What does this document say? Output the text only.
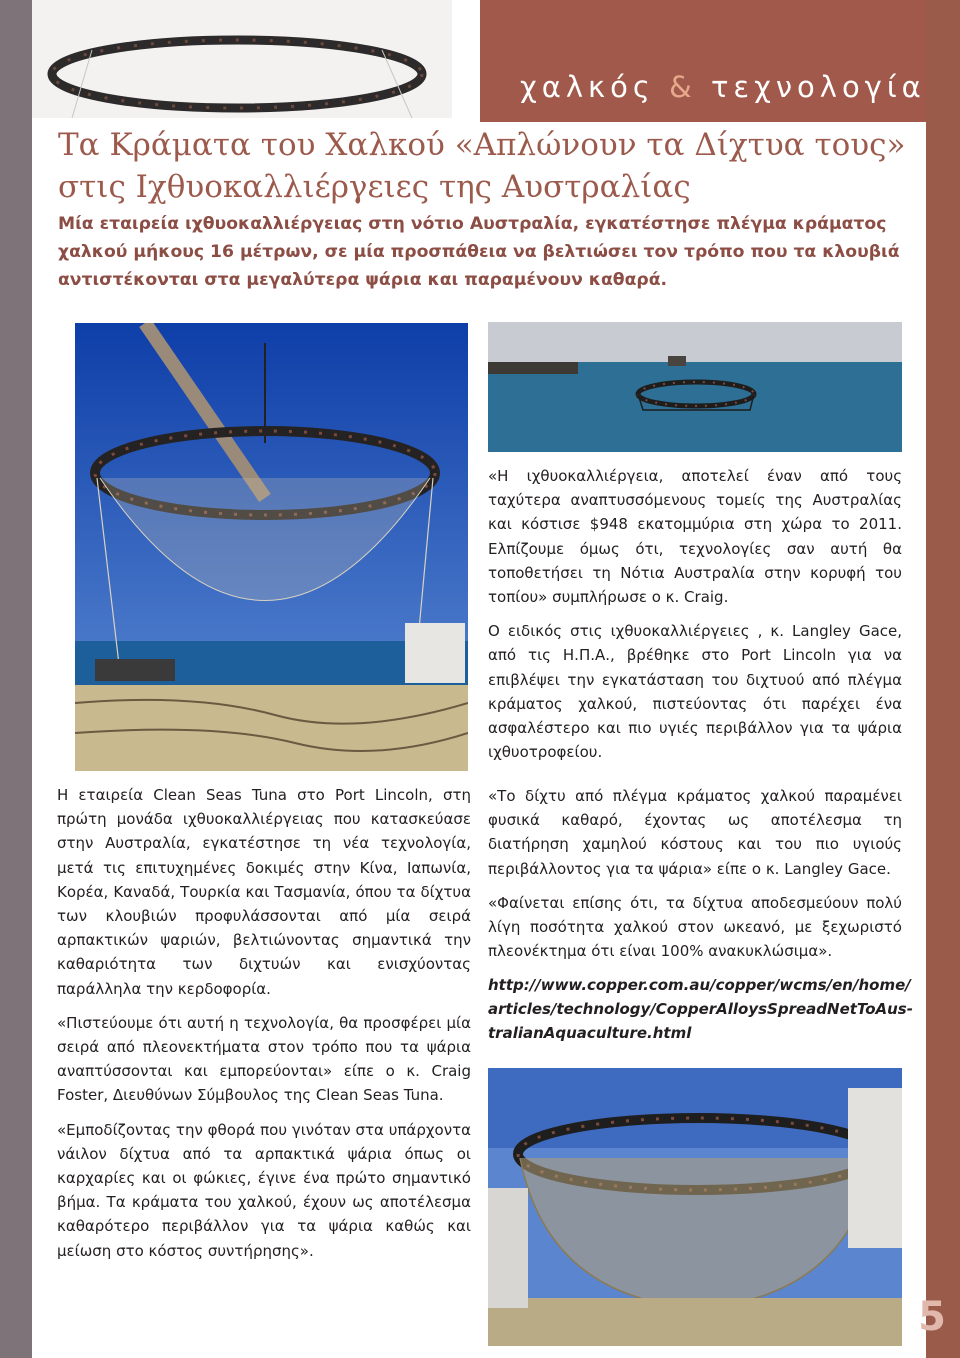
χαλκός & τεχνολογία
Τα Κράματα του Χαλκού «Απλώνουν τα Δίχτυα τους»
στις Ιχθυοκαλλιέργειες της Αυστραλίας
Μία εταιρεία ιχθυοκαλλιέργειας στη νότιο Αυστραλία, εγκατέστησε πλέγμα κράματος χαλκού μήκους 16 μέτρων, σε μία προσπάθεια να βελτιώσει τον τρόπο που τα κλουβιά αντιστέκονται στα μεγαλύτερα ψάρια και παραμένουν καθαρά.

Η εταιρεία Clean Seas Tuna στο Port Lincoln, στη πρώτη μονάδα ιχθυοκαλλιέργειας που κατασκεύασε στην Αυστραλία, εγκατέστησε τη νέα τεχνολογία, μετά τις επιτυχημένες δοκιμές στην Κίνα, Ιαπωνία, Κορέα, Καναδά, Τουρκία και Τασμανία, όπου τα δίχτυα των κλουβιών προφυλάσσονται από μία σειρά αρπακτικών ψαριών, βελτιώνοντας σημαντικά την καθαριότητα των διχτυών και ενισχύοντας παράλληλα την κερδοφορία.

«Πιστεύουμε ότι αυτή η τεχνολογία, θα προσφέρει μία σειρά από πλεονεκτήματα στον τρόπο που τα ψάρια αναπτύσσονται και εμπορεύονται» είπε ο κ. Craig Foster, Διευθύνων Σύμβουλος της Clean Seas Tuna.

«Εμποδίζοντας την φθορά που γινόταν στα υπάρχοντα νάιλον δίχτυα από τα αρπακτικά ψάρια όπως οι καρχαρίες και οι φώκιες, έγινε ένα πρώτο σημαντικό βήμα. Τα κράματα του χαλκού, έχουν ως αποτέλεσμα καθαρότερο περιβάλλον για τα ψάρια καθώς και μείωση στο κόστος συντήρησης».

«Η ιχθυοκαλλιέργεια, αποτελεί έναν από τους ταχύτερα αναπτυσσόμενους τομείς της Αυστραλίας και κόστισε $948 εκατομμύρια στη χώρα το 2011. Ελπίζουμε όμως ότι, τεχνολογίες σαν αυτή θα τοποθετήσει τη Νότια Αυστραλία στην κορυφή του τοπίου» συμπλήρωσε ο κ. Craig.

Ο ειδικός στις ιχθυοκαλλιέργειες , κ. Langley Gace, από τις Η.Π.Α., βρέθηκε στο Port Lincoln για να επιβλέψει την εγκατάσταση του διχτυού από πλέγμα κράματος χαλκού, πιστεύοντας ότι παρέχει ένα ασφαλέστερο και πιο υγιές περιβάλλον για τα ψάρια ιχθυοτροφείου.

«Το δίχτυ από πλέγμα κράματος χαλκού παραμένει φυσικά καθαρό, έχοντας ως αποτέλεσμα τη διατήρηση χαμηλού κόστους και του πιο υγιούς περιβάλλοντος για τα ψάρια» είπε ο κ. Langley Gace.

«Φαίνεται επίσης ότι, τα δίχτυα αποδεσμεύουν πολύ λίγη ποσότητα χαλκού στον ωκεανό, με ξεχωριστό πλεονέκτημα ότι είναι 100% ανακυκλώσιμα».

http://www.copper.com.au/copper/wcms/en/home/
articles/technology/CopperAlloysSpreadNetToAus-
tralianAquaculture.html
5
